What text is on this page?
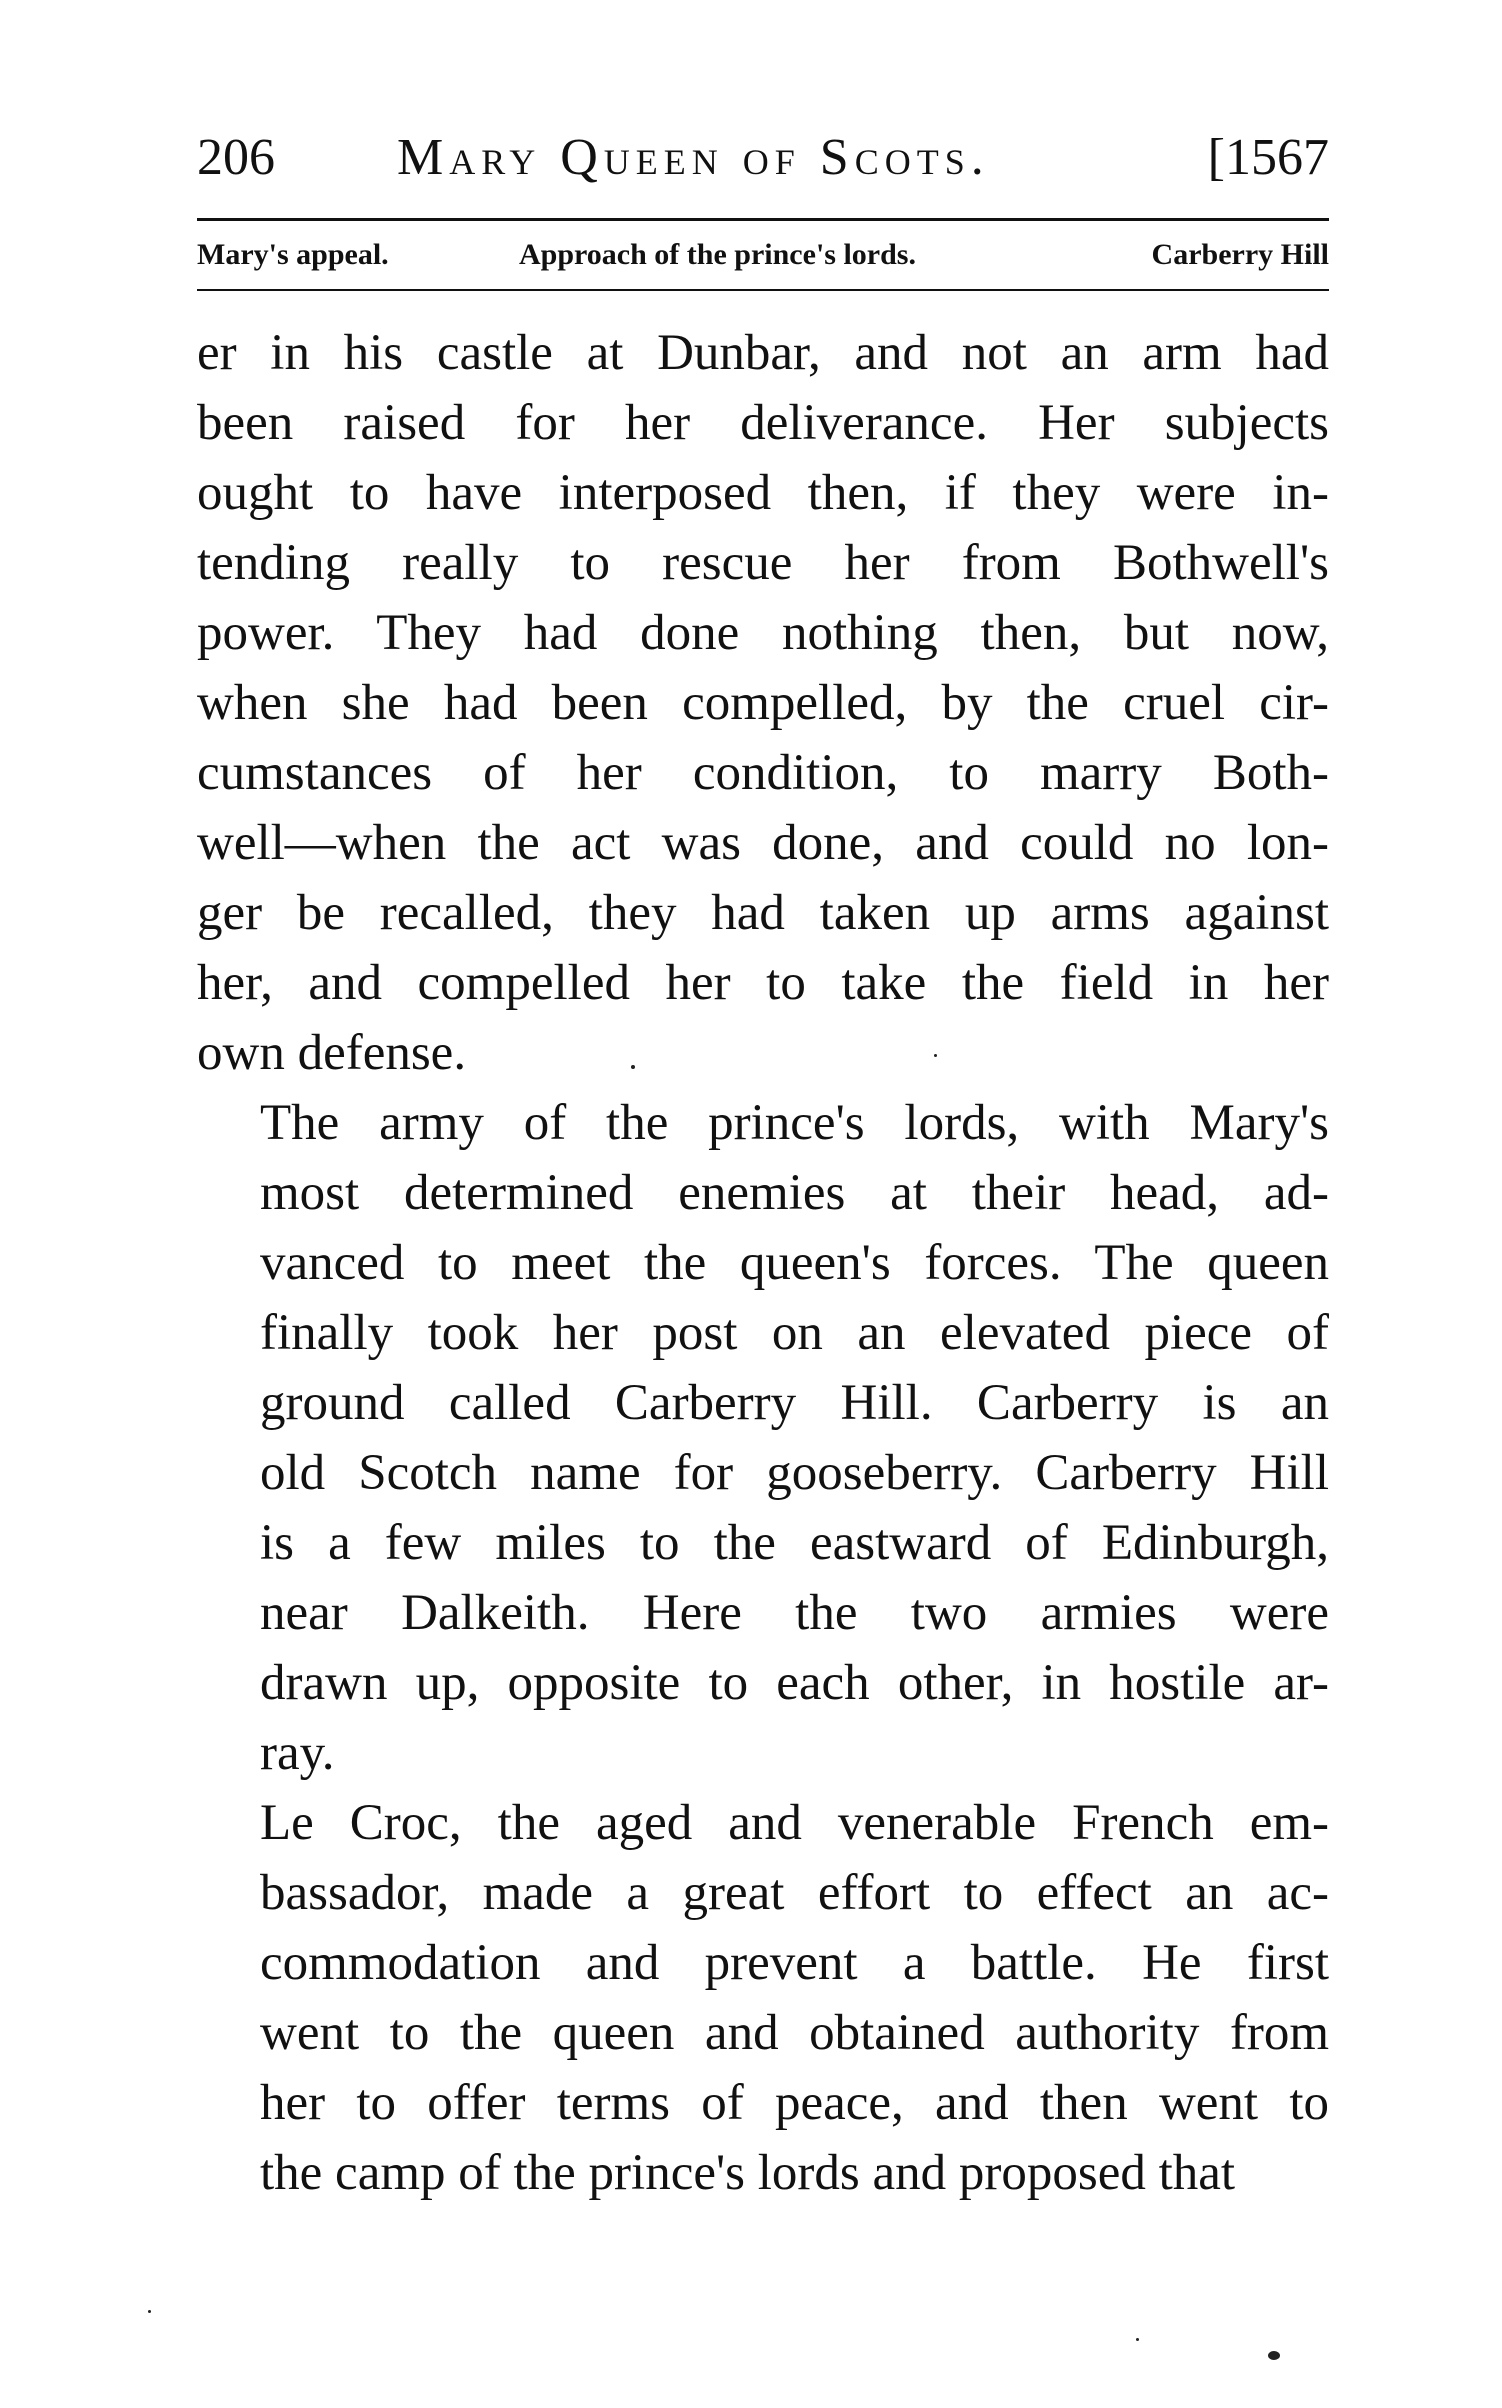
206 Mary Queen of Scots.	[1567
Mary's appeal.	Approach of the prince's lords.	Carberry Hill

er in his castle at Dunbar, and not an arm had
been raised for her deliverance. Her subjects
ought to have interposed then, if they were in-
tending really to rescue her from Bothwell's
power. They had done nothing then, but now,
when she had been compelled, by the cruel cir-
cumstances of her condition, to marry Both-
well—when the act was done, and could no lon-
ger be recalled, they had taken up arms against
her, and compelled her to take the field in her
own defense.

The army of the prince's lords, with Mary's
most determined enemies at their head, ad-
vanced to meet the queen's forces. The queen
finally took her post on an elevated piece of
ground called Carberry Hill. Carberry is an
old Scotch name for gooseberry. Carberry Hill
is a few miles to the eastward of Edinburgh,
near Dalkeith. Here the two armies were
drawn up, opposite to each other, in hostile ar-
ray.

Le Croc, the aged and venerable French em-
bassador, made a great effort to effect an ac-
commodation and prevent a battle. He first
went to the queen and obtained authority from
her to offer terms of peace, and then went to
the camp of the prince's lords and proposed that
